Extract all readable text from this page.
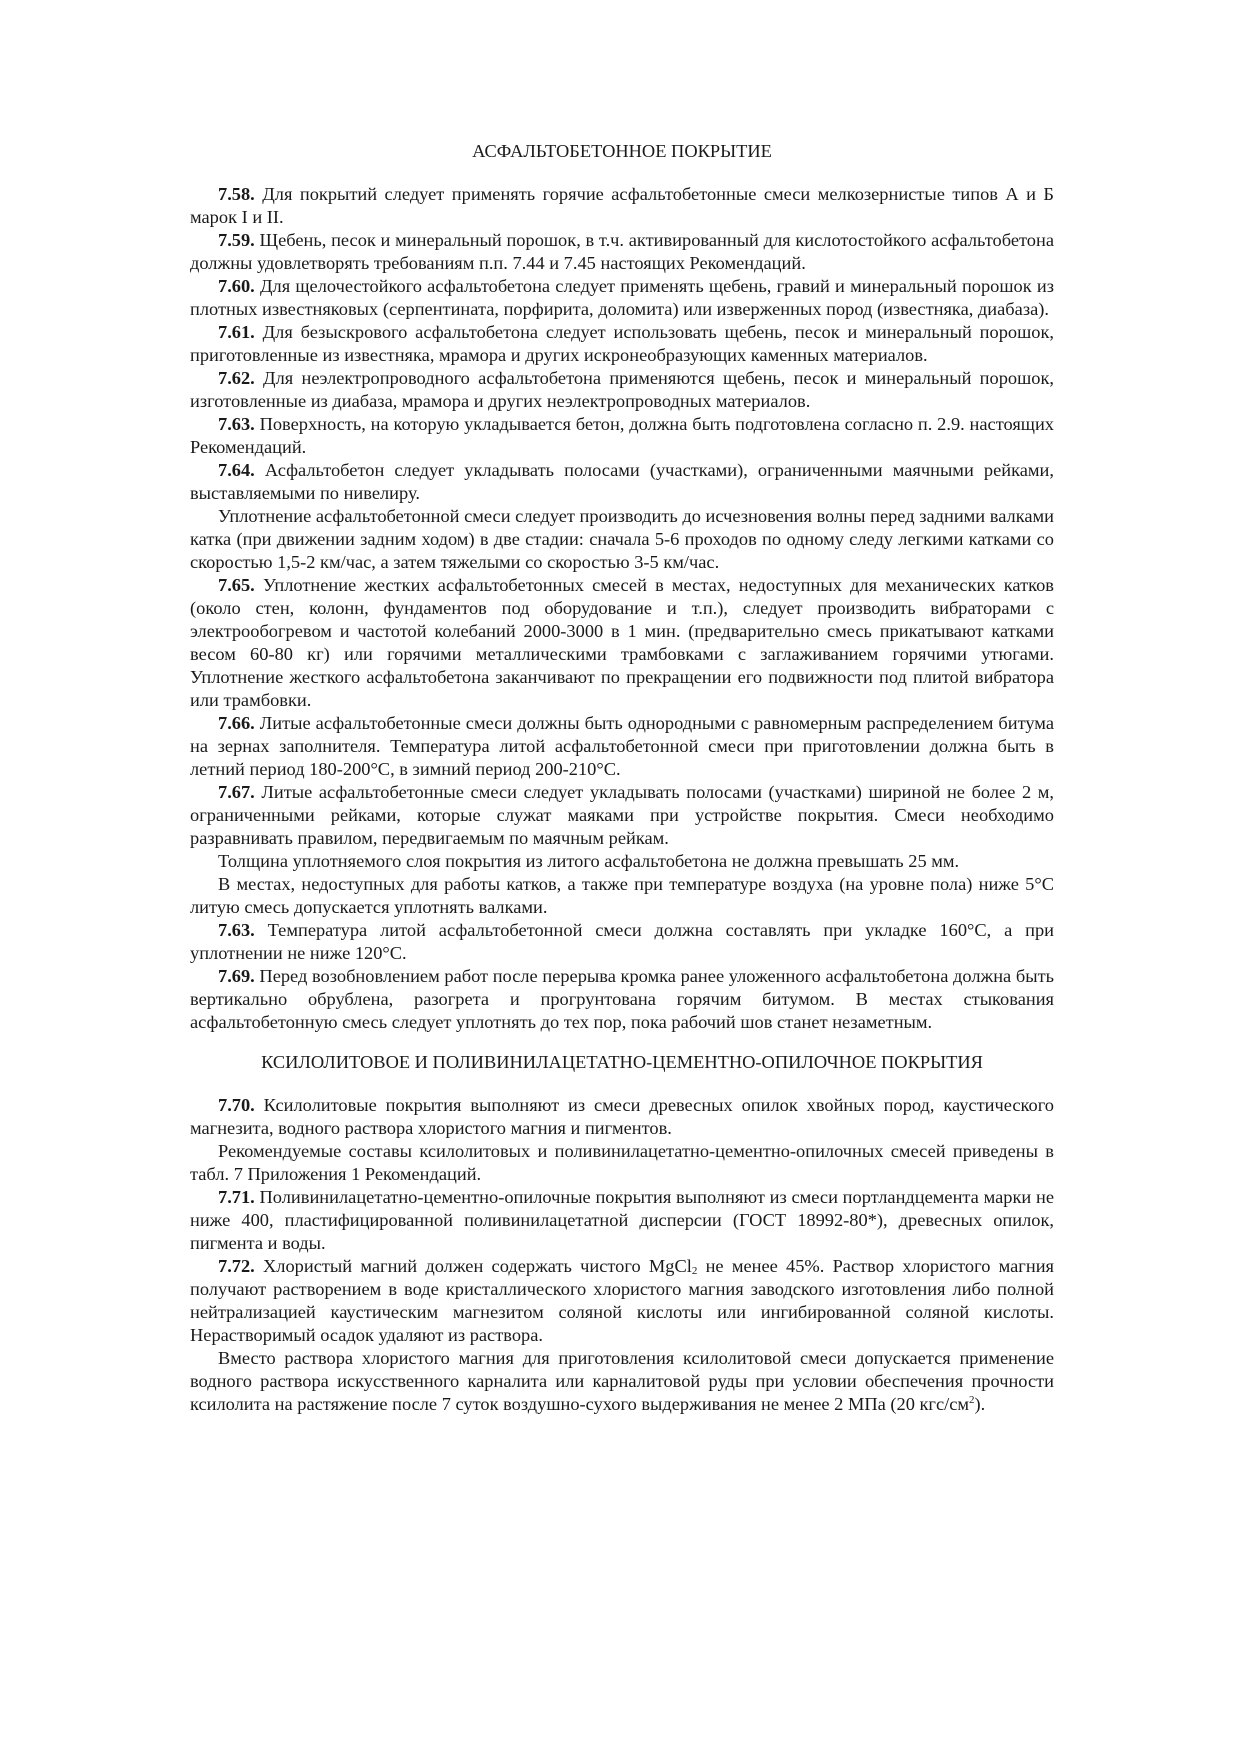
АСФАЛЬТОБЕТОННОЕ ПОКРЫТИЕ

7.58. Для покрытий следует применять горячие асфальтобетонные смеси мелкозернистые типов А и Б марок I и II.

7.59. Щебень, песок и минеральный порошок, в т.ч. активированный для кислотостойкого асфальтобетона должны удовлетворять требованиям п.п. 7.44 и 7.45 настоящих Рекомендаций.

7.60. Для щелочестойкого асфальтобетона следует применять щебень, гравий и минеральный порошок из плотных известняковых (серпентината, порфирита, доломита) или изверженных пород (известняка, диабаза).

7.61. Для безыскрового асфальтобетона следует использовать щебень, песок и минеральный порошок, приготовленные из известняка, мрамора и других искронеобразующих каменных материалов.

7.62. Для неэлектропроводного асфальтобетона применяются щебень, песок и минеральный порошок, изготовленные из диабаза, мрамора и других неэлектропроводных материалов.

7.63. Поверхность, на которую укладывается бетон, должна быть подготовлена согласно п. 2.9. настоящих Рекомендаций.

7.64. Асфальтобетон следует укладывать полосами (участками), ограниченными маячными рейками, выставляемыми по нивелиру.

Уплотнение асфальтобетонной смеси следует производить до исчезновения волны перед задними валками катка (при движении задним ходом) в две стадии: сначала 5-6 проходов по одному следу легкими катками со скоростью 1,5-2 км/час, а затем тяжелыми со скоростью 3-5 км/час.

7.65. Уплотнение жестких асфальтобетонных смесей в местах, недоступных для механических катков (около стен, колонн, фундаментов под оборудование и т.п.), следует производить вибраторами с электрообогревом и частотой колебаний 2000-3000 в 1 мин. (предварительно смесь прикатывают катками весом 60-80 кг) или горячими металлическими трамбовками с заглаживанием горячими утюгами. Уплотнение жесткого асфальтобетона заканчивают по прекращении его подвижности под плитой вибратора или трамбовки.

7.66. Литые асфальтобетонные смеси должны быть однородными с равномерным распределением битума на зернах заполнителя. Температура литой асфальтобетонной смеси при приготовлении должна быть в летний период 180-200°С, в зимний период 200-210°С.

7.67. Литые асфальтобетонные смеси следует укладывать полосами (участками) шириной не более 2 м, ограниченными рейками, которые служат маяками при устройстве покрытия. Смеси необходимо разравнивать правилом, передвигаемым по маячным рейкам.

Толщина уплотняемого слоя покрытия из литого асфальтобетона не должна превышать 25 мм.

В местах, недоступных для работы катков, а также при температуре воздуха (на уровне пола) ниже 5°С литую смесь допускается уплотнять валками.

7.63. Температура литой асфальтобетонной смеси должна составлять при укладке 160°С, а при уплотнении не ниже 120°С.

7.69. Перед возобновлением работ после перерыва кромка ранее уложенного асфальтобетона должна быть вертикально обрублена, разогрета и прогрунтована горячим битумом. В местах стыкования асфальтобетонную смесь следует уплотнять до тех пор, пока рабочий шов станет незаметным.

КСИЛОЛИТОВОЕ И ПОЛИВИНИЛАЦЕТАТНО-ЦЕМЕНТНО-ОПИЛОЧНОЕ ПОКРЫТИЯ

7.70. Ксилолитовые покрытия выполняют из смеси древесных опилок хвойных пород, каустического магнезита, водного раствора хлористого магния и пигментов.

Рекомендуемые составы ксилолитовых и поливинилацетатно-цементно-опилочных смесей приведены в табл. 7 Приложения 1 Рекомендаций.

7.71. Поливинилацетатно-цементно-опилочные покрытия выполняют из смеси портландцемента марки не ниже 400, пластифицированной поливинилацетатной дисперсии (ГОСТ 18992-80*), древесных опилок, пигмента и воды.

7.72. Хлористый магний должен содержать чистого MgCl$_2$ не менее 45%. Раствор хлористого магния получают растворением в воде кристаллического хлористого магния заводского изготовления либо полной нейтрализацией каустическим магнезитом соляной кислоты или ингибированной соляной кислоты. Нерастворимый осадок удаляют из раствора.

Вместо раствора хлористого магния для приготовления ксилолитовой смеси допускается применение водного раствора искусственного карналита или карналитовой руды при условии обеспечения прочности ксилолита на растяжение после 7 суток воздушно-сухого выдерживания не менее 2 МПа (20 кгс/$см^2$).
